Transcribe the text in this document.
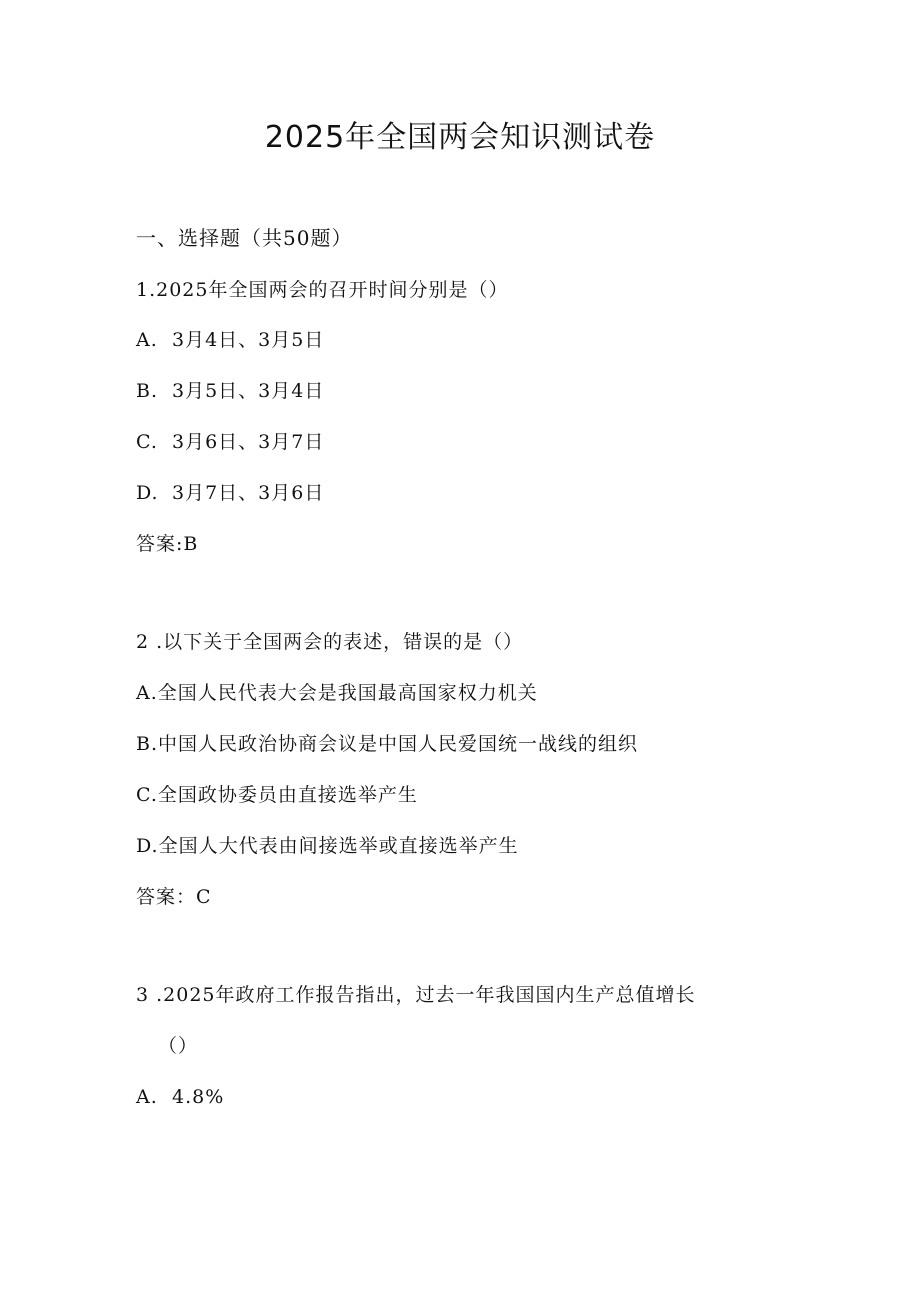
2025年全国两会知识测试卷
一、选择题（共50题）
1.2025年全国两会的召开时间分别是（）
A. 3月4日、3月5日
B. 3月5日、3月4日
C. 3月6日、3月7日
D. 3月7日、3月6日
答案:B
2 .以下关于全国两会的表述，错误的是（）
A.全国人民代表大会是我国最高国家权力机关
B.中国人民政治协商会议是中国人民爱国统一战线的组织
C.全国政协委员由直接选举产生
D.全国人大代表由间接选举或直接选举产生
答案：C
3 .2025年政府工作报告指出，过去一年我国国内生产总值增长
（）
A. 4.8%
